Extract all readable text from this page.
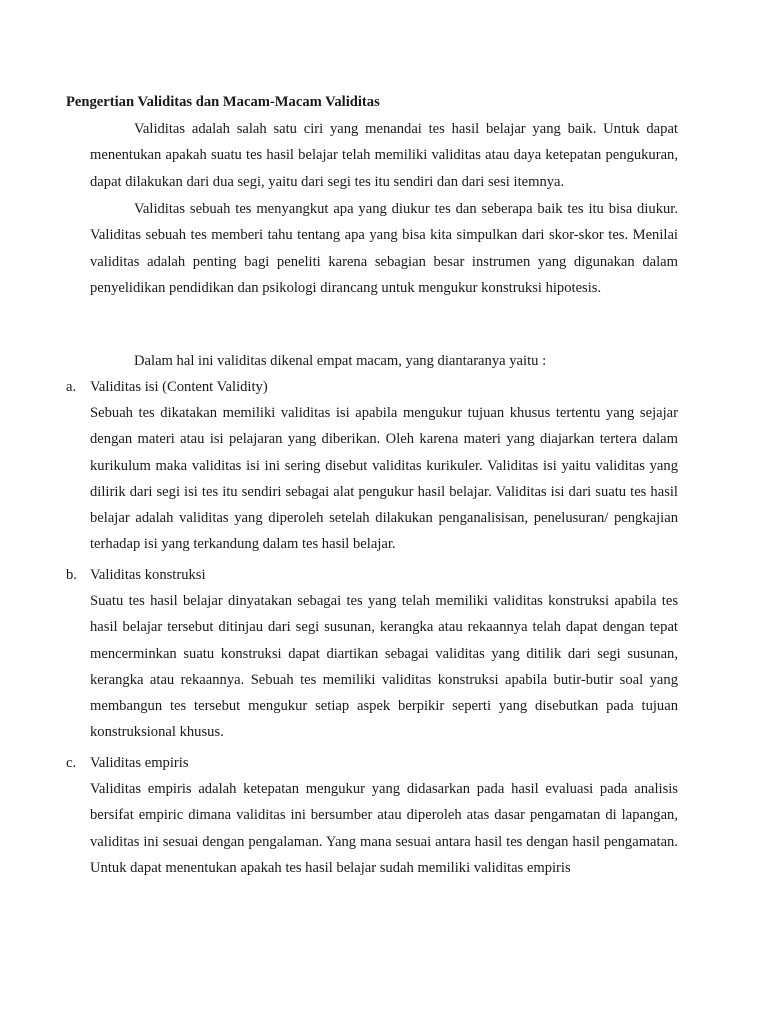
Pengertian Validitas dan Macam-Macam Validitas
Validitas adalah salah satu ciri yang menandai tes hasil belajar yang baik. Untuk dapat menentukan apakah suatu tes hasil belajar telah memiliki validitas atau daya ketepatan pengukuran, dapat dilakukan dari dua segi, yaitu dari segi tes itu sendiri dan dari sesi itemnya.
Validitas sebuah tes menyangkut apa yang diukur tes dan seberapa baik tes itu bisa diukur. Validitas sebuah tes memberi tahu tentang apa yang bisa kita simpulkan dari skor-skor tes. Menilai validitas adalah penting bagi peneliti karena sebagian besar instrumen yang digunakan dalam penyelidikan pendidikan dan psikologi dirancang untuk mengukur konstruksi hipotesis.
Dalam hal ini validitas dikenal empat macam, yang diantaranya yaitu :
a. Validitas isi (Content Validity)
Sebuah tes dikatakan memiliki validitas isi apabila mengukur tujuan khusus tertentu yang sejajar dengan materi atau isi pelajaran yang diberikan. Oleh karena materi yang diajarkan tertera dalam kurikulum maka validitas isi ini sering disebut validitas kurikuler. Validitas isi yaitu validitas yang dilirik dari segi isi tes itu sendiri sebagai alat pengukur hasil belajar. Validitas isi dari suatu tes hasil belajar adalah validitas yang diperoleh setelah dilakukan penganalisisan, penelusuran/ pengkajian terhadap isi yang terkandung dalam tes hasil belajar.
b. Validitas konstruksi
Suatu tes hasil belajar dinyatakan sebagai tes yang telah memiliki validitas konstruksi apabila tes hasil belajar tersebut ditinjau dari segi susunan, kerangka atau rekaannya telah dapat dengan tepat mencerminkan suatu konstruksi dapat diartikan sebagai validitas yang ditilik dari segi susunan, kerangka atau rekaannya. Sebuah tes memiliki validitas konstruksi apabila butir-butir soal yang membangun tes tersebut mengukur setiap aspek berpikir seperti yang disebutkan pada tujuan konstruksional khusus.
c. Validitas empiris
Validitas empiris adalah ketepatan mengukur yang didasarkan pada hasil evaluasi pada analisis bersifat empiric dimana validitas ini bersumber atau diperoleh atas dasar pengamatan di lapangan, validitas ini sesuai dengan pengalaman. Yang mana sesuai antara hasil tes dengan hasil pengamatan. Untuk dapat menentukan apakah tes hasil belajar sudah memiliki validitas empiris
